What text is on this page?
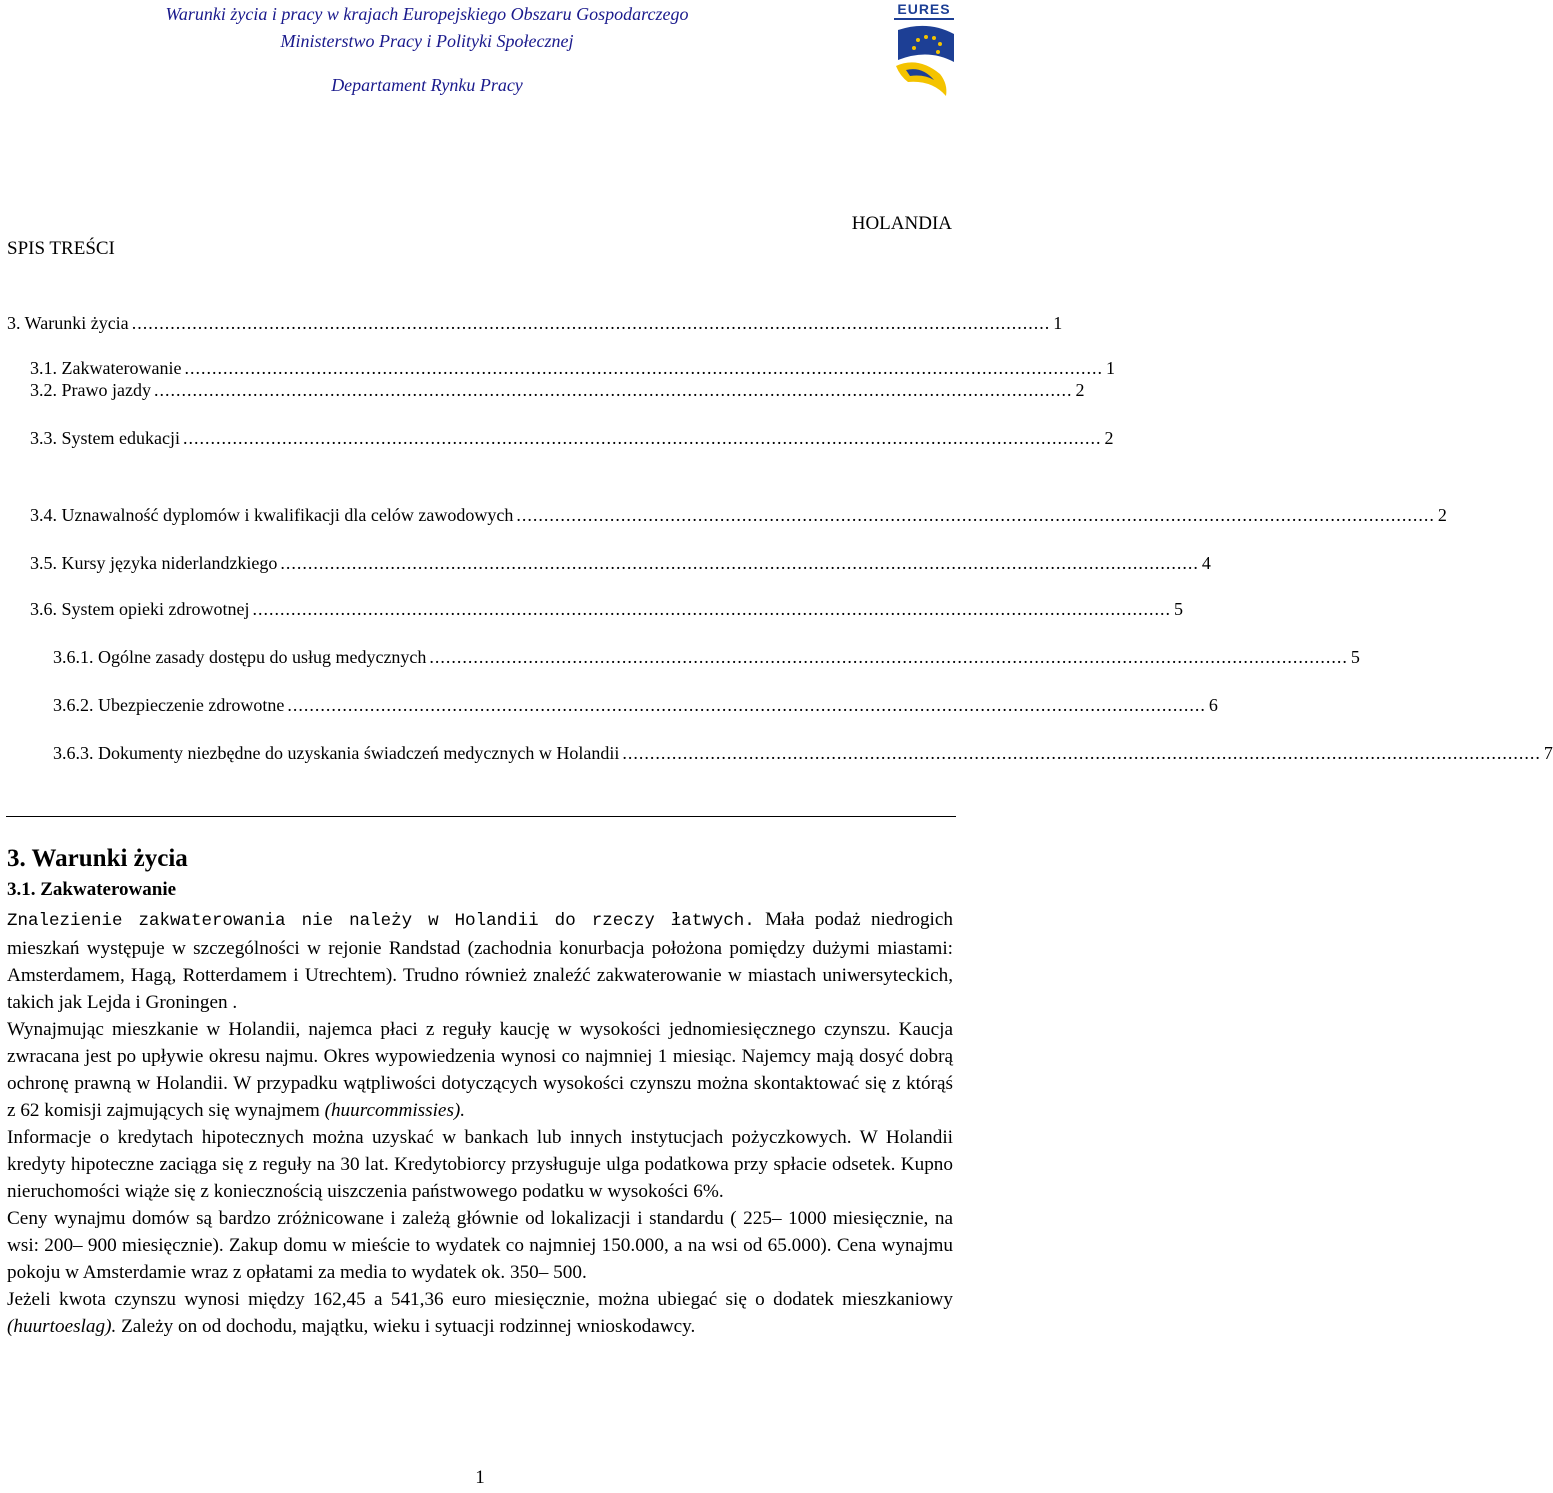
Warunki życia i pracy w krajach Europejskiego Obszaru Gospodarczego
Ministerstwo Pracy i Polityki Społecznej
Departament Rynku Pracy
EURES
HOLANDIA
SPIS TREŚCI
3. Warunki życia ....................................................................................................................................................................... 1
3.1. Zakwaterowanie ....................................................................................................................................................................... 1
3.2. Prawo jazdy ....................................................................................................................................................................... 2
3.3. System edukacji ....................................................................................................................................................................... 2
3.4. Uznawalność dyplomów i kwalifikacji dla celów zawodowych ....................................................................................................................................................................... 2
3.5. Kursy języka niderlandzkiego ....................................................................................................................................................................... 4
3.6. System opieki zdrowotnej ....................................................................................................................................................................... 5
3.6.1. Ogólne zasady dostępu do usług medycznych ....................................................................................................................................................................... 5
3.6.2. Ubezpieczenie zdrowotne ....................................................................................................................................................................... 6
3.6.3. Dokumenty niezbędne do uzyskania świadczeń medycznych w Holandii ....................................................................................................................................................................... 7
3. Warunki życia
3.1. Zakwaterowanie

Znalezienie zakwaterowania nie należy w Holandii do rzeczy łatwych. Mała podaż niedrogich mieszkań występuje w szczególności w rejonie Randstad (zachodnia konurbacja położona pomiędzy dużymi miastami: Amsterdamem, Hagą, Rotterdamem i Utrechtem). Trudno również znaleźć zakwaterowanie w miastach uniwersyteckich, takich jak Lejda i Groningen .

Wynajmując mieszkanie w Holandii, najemca płaci z reguły kaucję w wysokości jednomiesięcznego czynszu. Kaucja zwracana jest po upływie okresu najmu. Okres wypowiedzenia wynosi co najmniej 1 miesiąc. Najemcy mają dosyć dobrą ochronę prawną w Holandii. W przypadku wątpliwości dotyczących wysokości czynszu można skontaktować się z którąś z 62 komisji zajmujących się wynajmem (huurcommissies).

Informacje o kredytach hipotecznych można uzyskać w bankach lub innych instytucjach pożyczkowych. W Holandii kredyty hipoteczne zaciąga się z reguły na 30 lat. Kredytobiorcy przysługuje ulga podatkowa przy spłacie odsetek. Kupno nieruchomości wiąże się z koniecznością uiszczenia państwowego podatku w wysokości 6%.

Ceny wynajmu domów są bardzo zróżnicowane i zależą głównie od lokalizacji i standardu ( 225– 1000 miesięcznie, na wsi: 200– 900 miesięcznie). Zakup domu w mieście to wydatek co najmniej 150.000, a na wsi od 65.000). Cena wynajmu pokoju w Amsterdamie wraz z opłatami za media to wydatek ok. 350– 500.

Jeżeli kwota czynszu wynosi między 162,45 a 541,36 euro miesięcznie, można ubiegać się o dodatek mieszkaniowy (huurtoeslag). Zależy on od dochodu, majątku, wieku i sytuacji rodzinnej wnioskodawcy.

1
